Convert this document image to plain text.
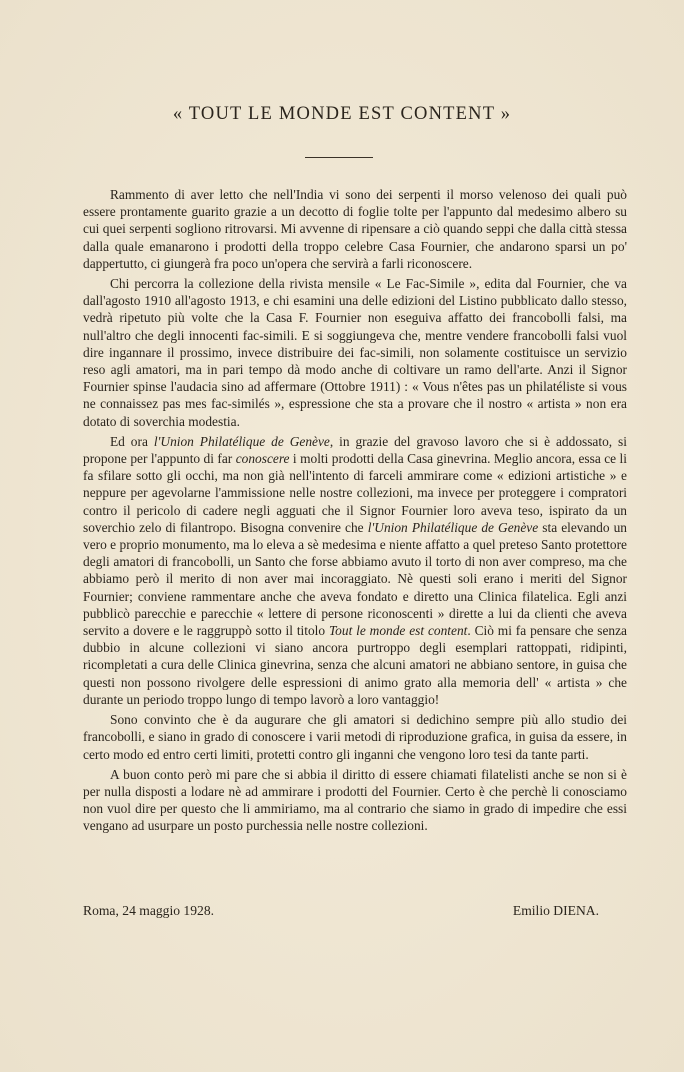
« TOUT LE MONDE EST CONTENT »

Rammento di aver letto che nell'India vi sono dei serpenti il morso velenoso dei quali può essere prontamente guarito grazie a un decotto di foglie tolte per l'appunto dal medesimo albero su cui quei serpenti sogliono ritrovarsi. Mi avvenne di ripensare a ciò quando seppi che dalla città stessa dalla quale emanarono i prodotti della troppo celebre Casa Fournier, che andarono sparsi un po' dappertutto, ci giungerà fra poco un'opera che servirà a farli riconoscere.

Chi percorra la collezione della rivista mensile « Le Fac-Simile », edita dal Fournier, che va dall'agosto 1910 all'agosto 1913, e chi esamini una delle edizioni del Listino pubblicato dallo stesso, vedrà ripetuto più volte che la Casa F. Fournier non eseguiva affatto dei francobolli falsi, ma null'altro che degli innocenti fac-simili. E si soggiungeva che, mentre vendere francobolli falsi vuol dire ingannare il prossimo, invece distribuire dei fac-simili, non solamente costituisce un servizio reso agli amatori, ma in pari tempo dà modo anche di coltivare un ramo dell'arte. Anzi il Signor Fournier spinse l'audacia sino ad affermare (Ottobre 1911) : « Vous n'êtes pas un philatéliste si vous ne connaissez pas mes fac-similés », espressione che sta a provare che il nostro « artista » non era dotato di soverchia modestia.

Ed ora l'Union Philatélique de Genève, in grazie del gravoso lavoro che si è addossato, si propone per l'appunto di far conoscere i molti prodotti della Casa ginevrina. Meglio ancora, essa ce li fa sfilare sotto gli occhi, ma non già nell'intento di farceli ammirare come « edizioni artistiche » e neppure per agevolarne l'ammissione nelle nostre collezioni, ma invece per proteggere i compratori contro il pericolo di cadere negli agguati che il Signor Fournier loro aveva teso, ispirato da un soverchio zelo di filantropo. Bisogna convenire che l'Union Philatélique de Genève sta elevando un vero e proprio monumento, ma lo eleva a sè medesima e niente affatto a quel preteso Santo protettore degli amatori di francobolli, un Santo che forse abbiamo avuto il torto di non aver compreso, ma che abbiamo però il merito di non aver mai incoraggiato. Nè questi soli erano i meriti del Signor Fournier; conviene rammentare anche che aveva fondato e diretto una Clinica filatelica. Egli anzi pubblicò parecchie e parecchie « lettere di persone riconoscenti » dirette a lui da clienti che aveva servito a dovere e le raggruppò sotto il titolo Tout le monde est content. Ciò mi fa pensare che senza dubbio in alcune collezioni vi siano ancora purtroppo degli esemplari rattoppati, ridipinti, ricompletati a cura delle Clinica ginevrina, senza che alcuni amatori ne abbiano sentore, in guisa che questi non possono rivolgere delle espressioni di animo grato alla memoria dell' « artista » che durante un periodo troppo lungo di tempo lavorò a loro vantaggio!

Sono convinto che è da augurare che gli amatori si dedichino sempre più allo studio dei francobolli, e siano in grado di conoscere i varii metodi di riproduzione grafica, in guisa da essere, in certo modo ed entro certi limiti, protetti contro gli inganni che vengono loro tesi da tante parti.

A buon conto però mi pare che si abbia il diritto di essere chiamati filatelisti anche se non si è per nulla disposti a lodare nè ad ammirare i prodotti del Fournier. Certo è che perchè li conosciamo non vuol dire per questo che li ammiriamo, ma al contrario che siamo in grado di impedire che essi vengano ad usurpare un posto purchessia nelle nostre collezioni.

Roma, 24 maggio 1928.	Emilio DIENA.
